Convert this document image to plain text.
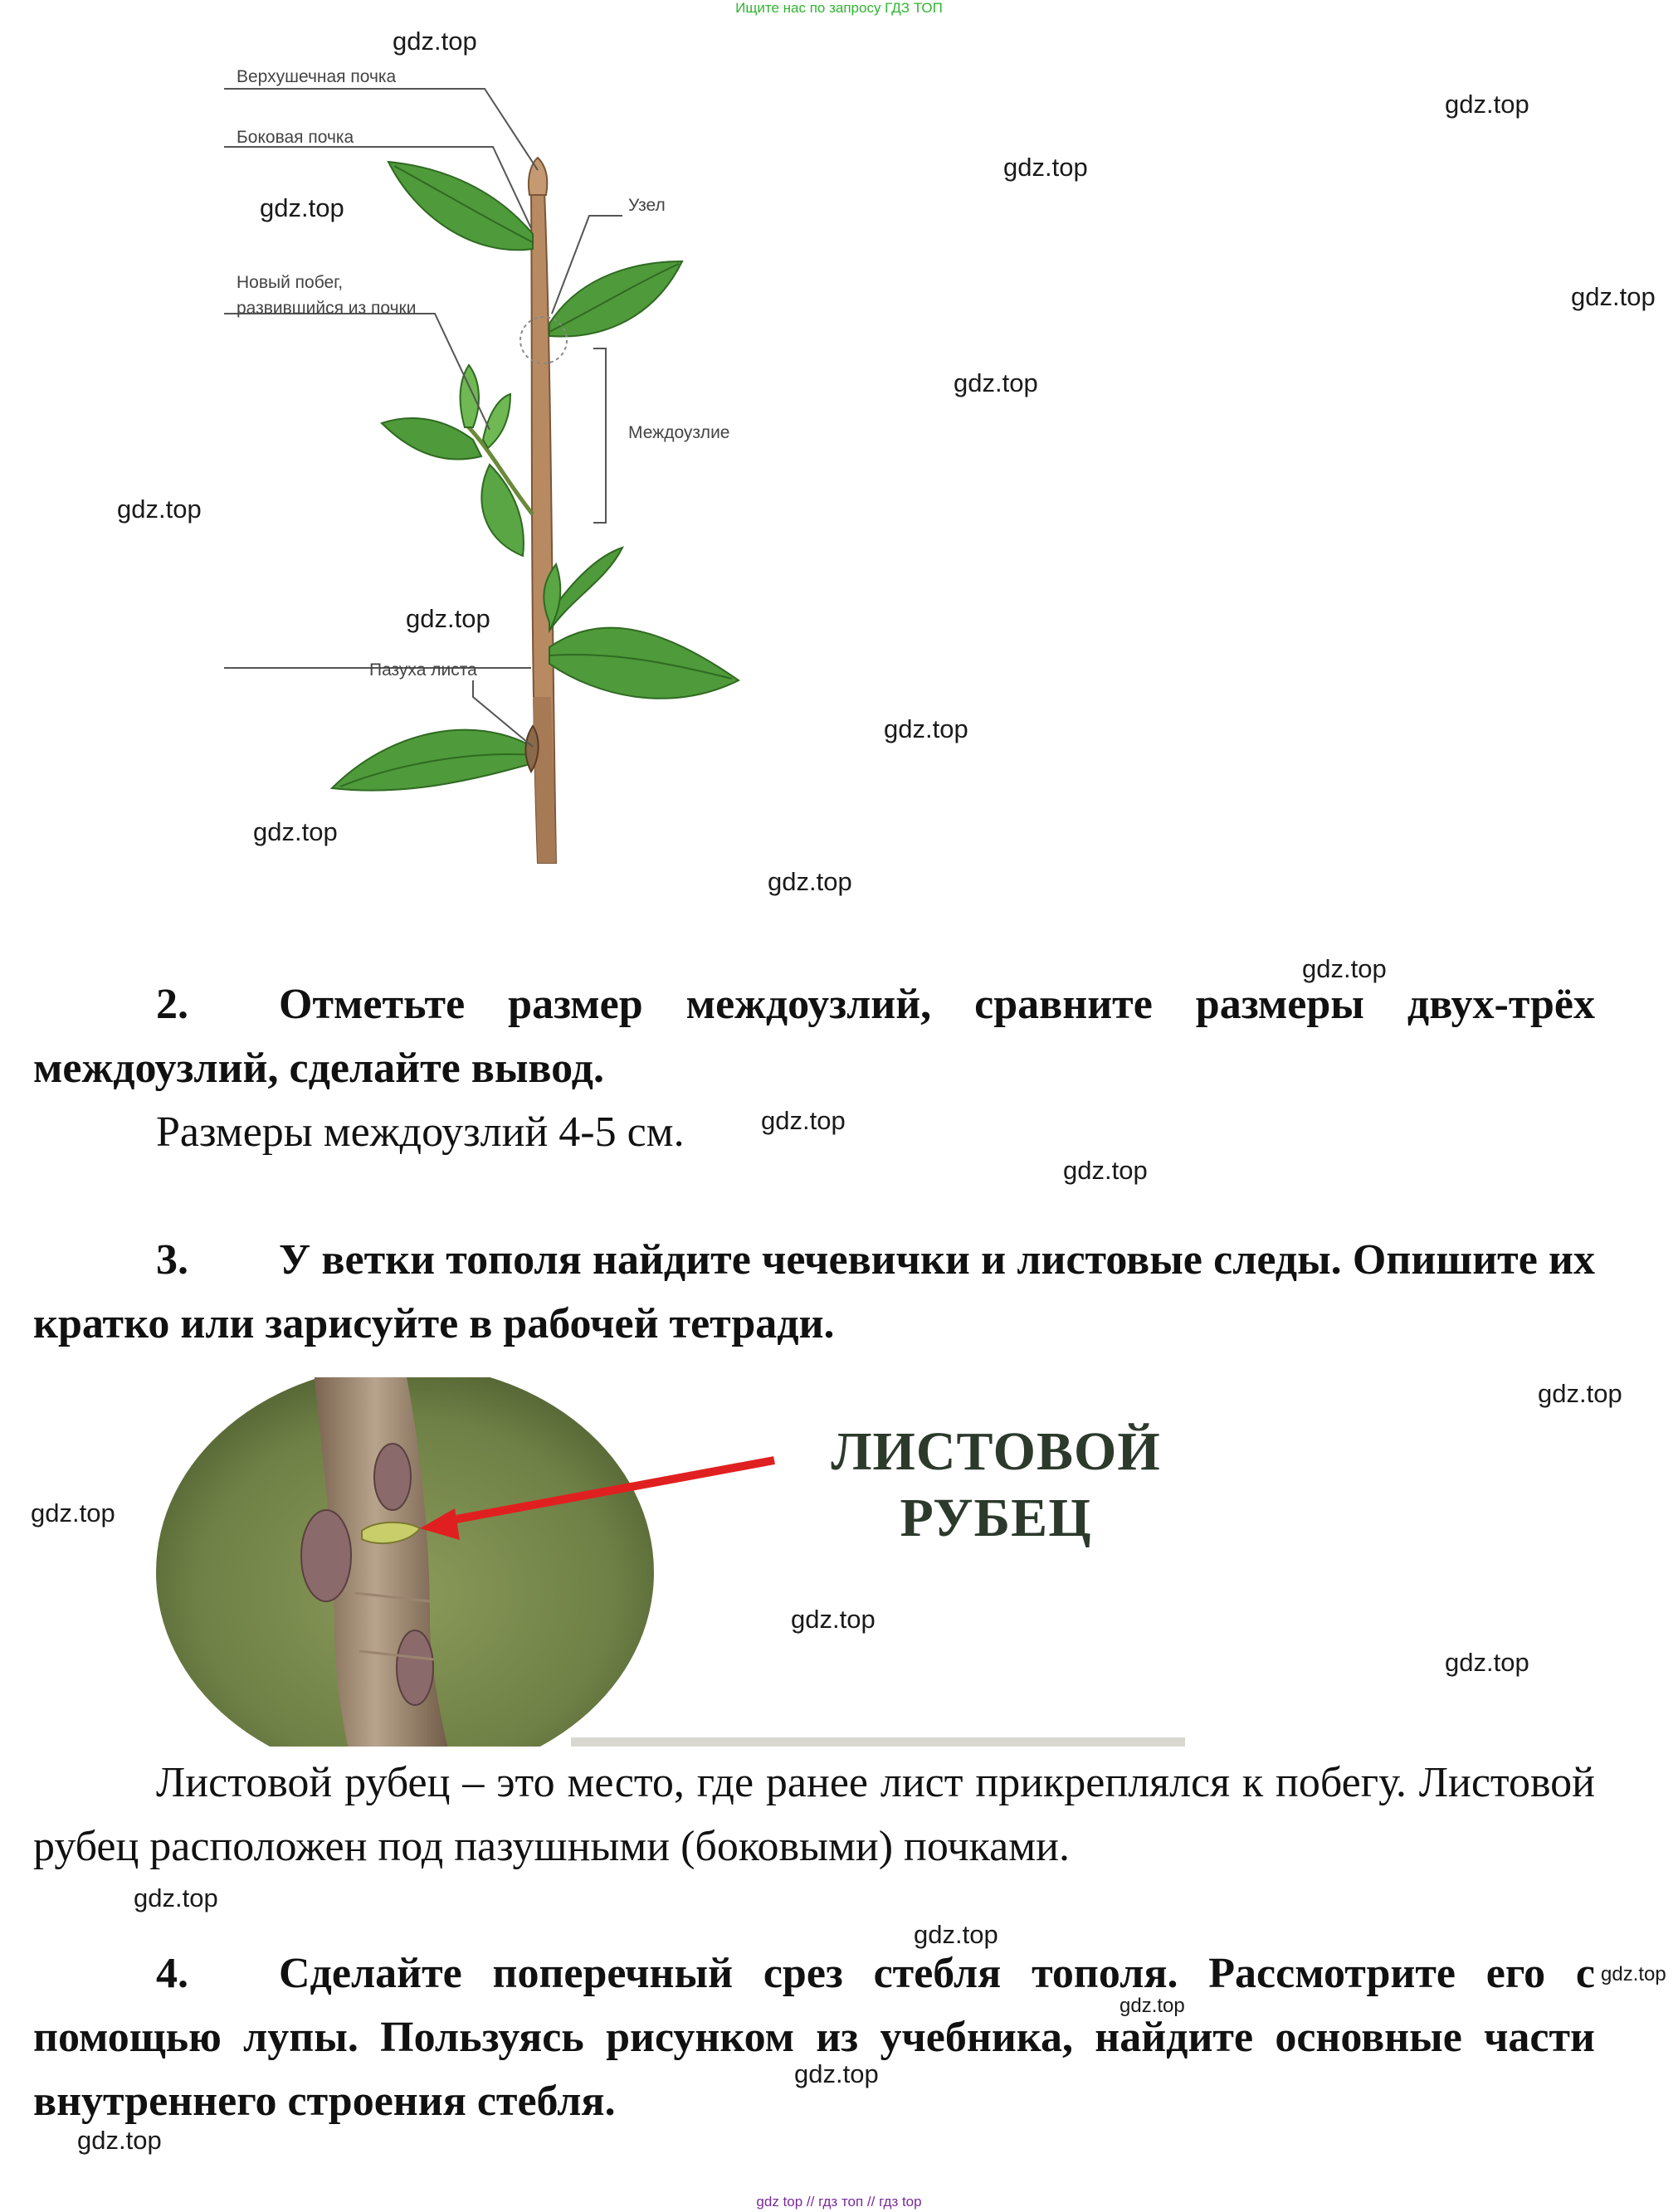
Ищите нас по запросу ГДЗ ТОП
Верхушечная почка
Боковая почка
Узел
Новый побег,
развившийся из почки
Междоузлие
Пазуха листа
2. Отметьте размер междоузлий, сравните размеры двух-трёх междоузлий, сделайте вывод.
Размеры междоузлий 4-5 см.
3. У ветки тополя найдите чечевички и листовые следы. Опишите их кратко или зарисуйте в рабочей тетради.
ЛИСТОВОЙ
РУБЕЦ
Листовой рубец – это место, где ранее лист прикреплялся к побегу. Листовой рубец расположен под пазушными (боковыми) почками.
4. Сделайте поперечный срез стебля тополя. Рассмотрите его с помощью лупы. Пользуясь рисунком из учебника, найдите основные части внутреннего строения стебля.
gdz.top
gdz.top
gdz.top
gdz.top
gdz.top
gdz.top
gdz.top
gdz.top
gdz.top
gdz.top
gdz.top
gdz.top
gdz.top
gdz.top
gdz.top
gdz.top
gdz.top
gdz.top
gdz.top
gdz.top
gdz.top
gdz.top
gdz.top
gdz.top
gdz top // гдз топ // гдз top
